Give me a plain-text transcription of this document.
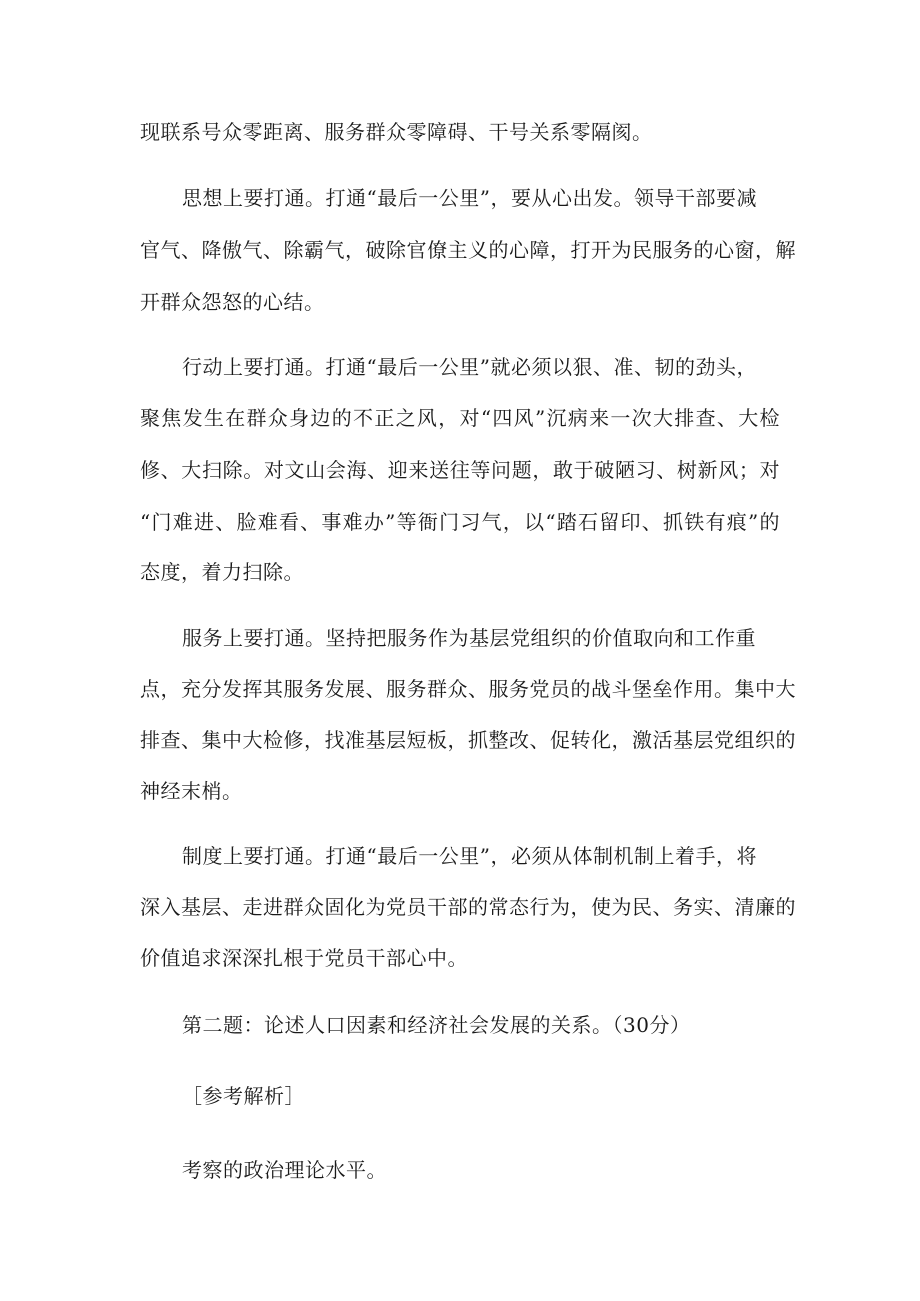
现联系号众零距离、服务群众零障碍、干号关系零隔阂。
思想上要打通。打通“最后一公里”，要从心出发。领导干部要减
官气、降傲气、除霸气，破除官僚主义的心障，打开为民服务的心窗，解
开群众怨怒的心结。
行动上要打通。打通“最后一公里”就必须以狠、准、韧的劲头，
聚焦发生在群众身边的不正之风，对“四风”沉病来一次大排查、大检
修、大扫除。对文山会海、迎来送往等问题，敢于破陋习、树新风；对
“门难进、脸难看、事难办”等衙门习气，以“踏石留印、抓铁有痕”的
态度，着力扫除。
服务上要打通。坚持把服务作为基层党组织的价值取向和工作重
点，充分发挥其服务发展、服务群众、服务党员的战斗堡垒作用。集中大
排查、集中大检修，找准基层短板，抓整改、促转化，激活基层党组织的
神经末梢。
制度上要打通。打通“最后一公里”，必须从体制机制上着手，将
深入基层、走进群众固化为党员干部的常态行为，使为民、务实、清廉的
价值追求深深扎根于党员干部心中。
第二题：论述人口因素和经济社会发展的关系。（30分）
［参考解析］
考察的政治理论水平。
